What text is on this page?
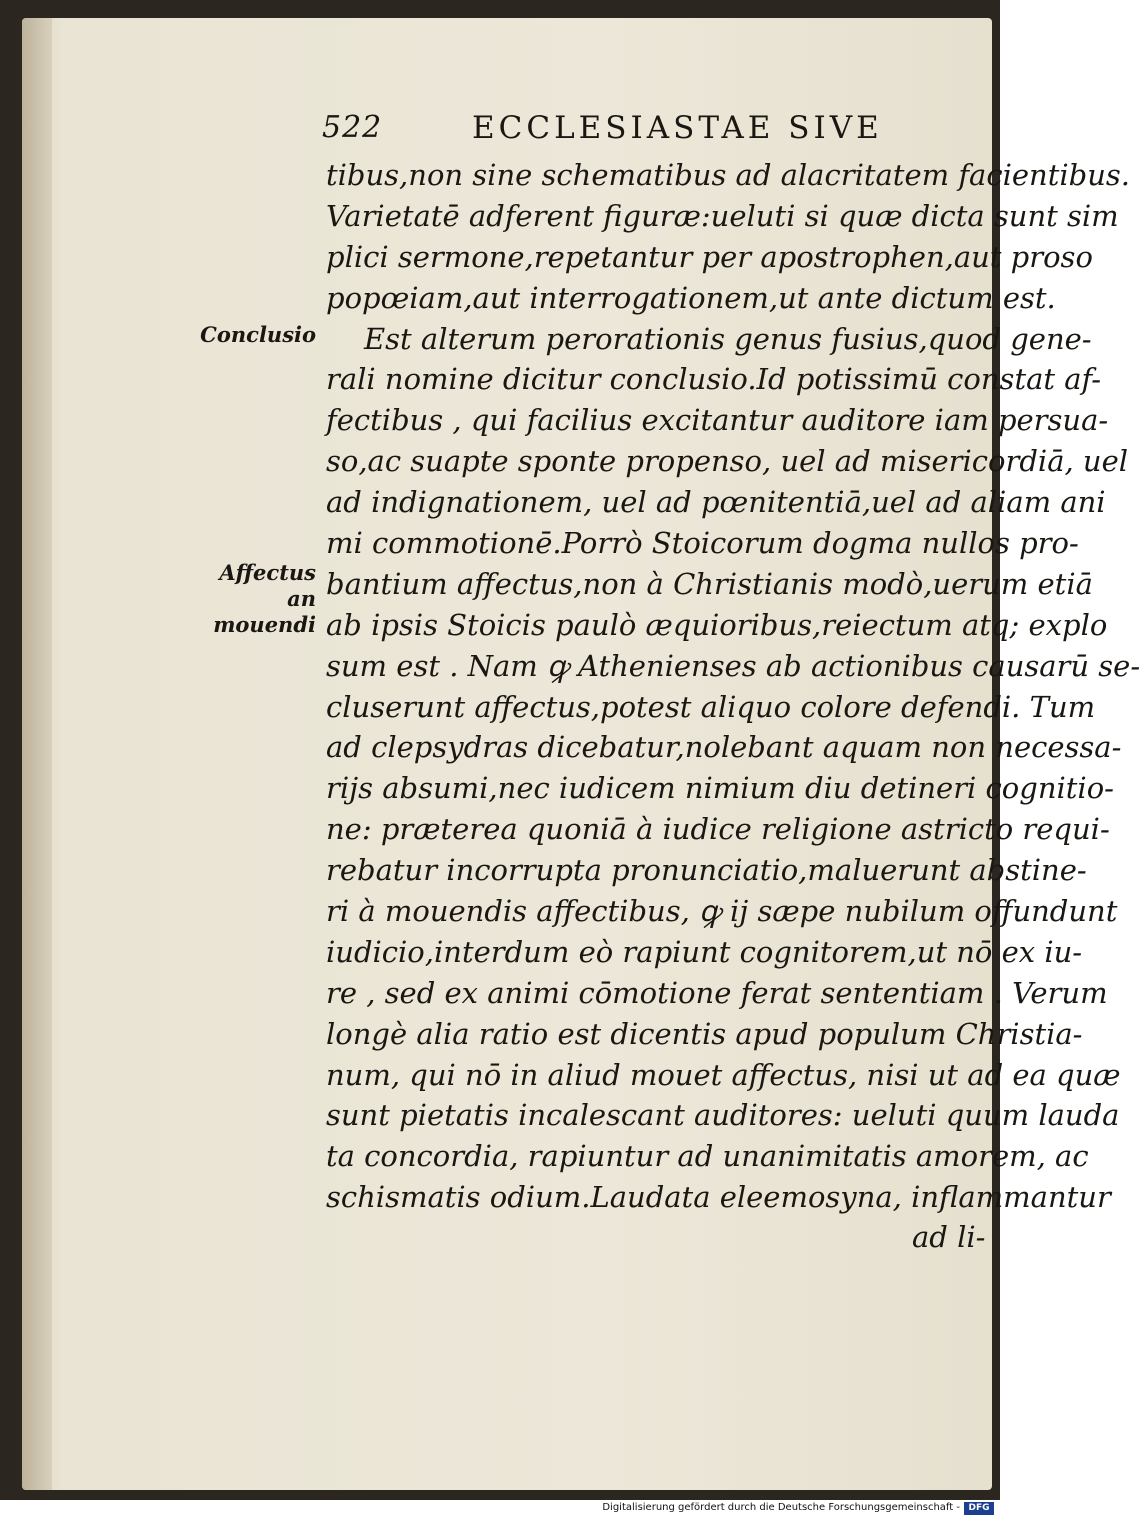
522	ECCLESIASTAE SIVE
Conclusio
Affectus an mouendi
tibus,non sine schematibus ad alacritatem facientibus.
Varietatē adferent figuræ:ueluti si quæ dicta sunt sim
plici sermone,repetantur per apostrophen,aut proso
popœiam,aut interrogationem,ut ante dictum est.
Est alterum perorationis genus fusius,quod gene-
rali nomine dicitur conclusio.Id potissimū constat af-
fectibus , qui facilius excitantur auditore iam persua-
so,ac suapte sponte propenso, uel ad misericordiā, uel
ad indignationem, uel ad pœnitentiā,uel ad aliam ani
mi commotionē.Porrò Stoicorum dogma nullos pro-
bantium affectus,non à Christianis modò,uerum etiā
ab ipsis Stoicis paulò æquioribus,reiectum atq; explo
sum est . Nam ꝙ Athenienses ab actionibus causarū se-
cluserunt affectus,potest aliquo colore defendi. Tum
ad clepsydras dicebatur,nolebant aquam non necessa-
rijs absumi,nec iudicem nimium diu detineri cognitio-
ne: præterea quoniā à iudice religione astricto requi-
rebatur incorrupta pronunciatio,maluerunt abstine-
ri à mouendis affectibus, ꝙ ij sæpe nubilum offundunt
iudicio,interdum eò rapiunt cognitorem,ut nō ex iu-
re , sed ex animi cōmotione ferat sententiam . Verum
longè alia ratio est dicentis apud populum Christia-
num, qui nō in aliud mouet affectus, nisi ut ad ea quæ
sunt pietatis incalescant auditores: ueluti quum lauda
ta concordia, rapiuntur ad unanimitatis amorem, ac
schismatis odium.Laudata eleemosyna, inflammantur
ad li-
Digitalisierung gefördert durch die Deutsche Forschungsgemeinschaft - DFG
